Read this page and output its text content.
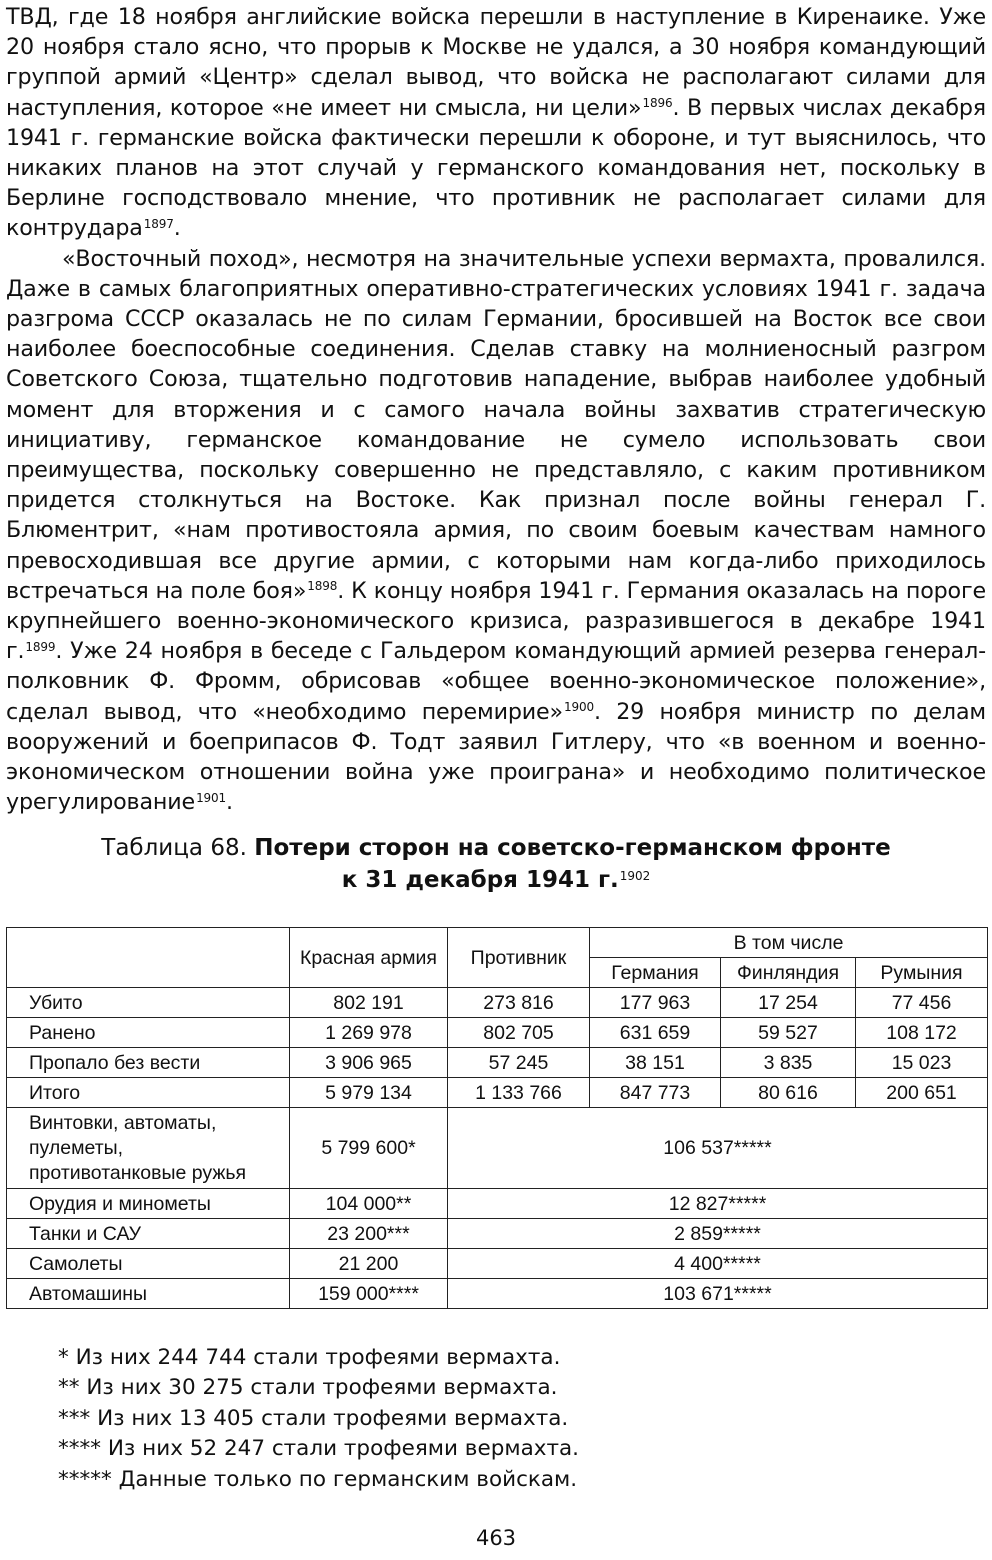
ТВД, где 18 ноября английские войска перешли в наступление в Киренаике. Уже 20 ноября стало ясно, что прорыв к Москве не удался, а 30 ноября командующий группой армий «Центр» сделал вывод, что войска не располагают силами для наступления, которое «не имеет ни смысла, ни цели»$^{1896}$. В первых числах декабря 1941 г. германские войска фактически перешли к обороне, и тут выяснилось, что никаких планов на этот случай у германского командования нет, поскольку в Берлине господствовало мнение, что противник не располагает силами для контрудара$^{1897}$.

«Восточный поход», несмотря на значительные успехи вермахта, провалился. Даже в самых благоприятных оперативно-стратегических условиях 1941 г. задача разгрома СССР оказалась не по силам Германии, бросившей на Восток все свои наиболее боеспособные соединения. Сделав ставку на молниеносный разгром Советского Союза, тщательно подготовив нападение, выбрав наиболее удобный момент для вторжения и с самого начала войны захватив стратегическую инициативу, германское командование не сумело использовать свои преимущества, поскольку совершенно не представляло, с каким противником придется столкнуться на Востоке. Как признал после войны генерал Г. Блюментрит, «нам противостояла армия, по своим боевым качествам намного превосходившая все другие армии, с которыми нам когда-либо приходилось встречаться на поле боя»$^{1898}$. К концу ноября 1941 г. Германия оказалась на пороге крупнейшего военно-экономического кризиса, разразившегося в декабре 1941 г.$^{1899}$. Уже 24 ноября в беседе с Гальдером командующий армией резерва генерал-полковник Ф. Фромм, обрисовав «общее военно-экономическое положение», сделал вывод, что «необходимо перемирие»$^{1900}$. 29 ноября министр по делам вооружений и боеприпасов Ф. Тодт заявил Гитлеру, что «в военном и военно-экономическом отношении война уже проиграна» и необходимо политическое урегулирование$^{1901}$.

Таблица 68. Потери сторон на советско-германском фронте
к 31 декабря 1941 г.$^{1902}$
	Красная армия	Противник	В том числе		
			Германия	Финляндия	Румыния
Убито	802 191	273 816	177 963	17 254	77 456
Ранено	1 269 978	802 705	631 659	59 527	108 172
Пропало без вести	3 906 965	57 245	38 151	3 835	15 023
Итого	5 979 134	1 133 766	847 773	80 616	200 651

Винтовки, автоматы,
пулеметы,
противотанковые ружья	5 799 600*	106 537*****			
Орудия и минометы	104 000**	12 827*****			
Танки и САУ	23 200***	2 859*****			
Самолеты	21 200	4 400*****			
Автомашины	159 000****	103 671*****			
* Из них 244 744 стали трофеями вермахта.
** Из них 30 275 стали трофеями вермахта.
*** Из них 13 405 стали трофеями вермахта.
**** Из них 52 247 стали трофеями вермахта.
***** Данные только по германским войскам.
463
